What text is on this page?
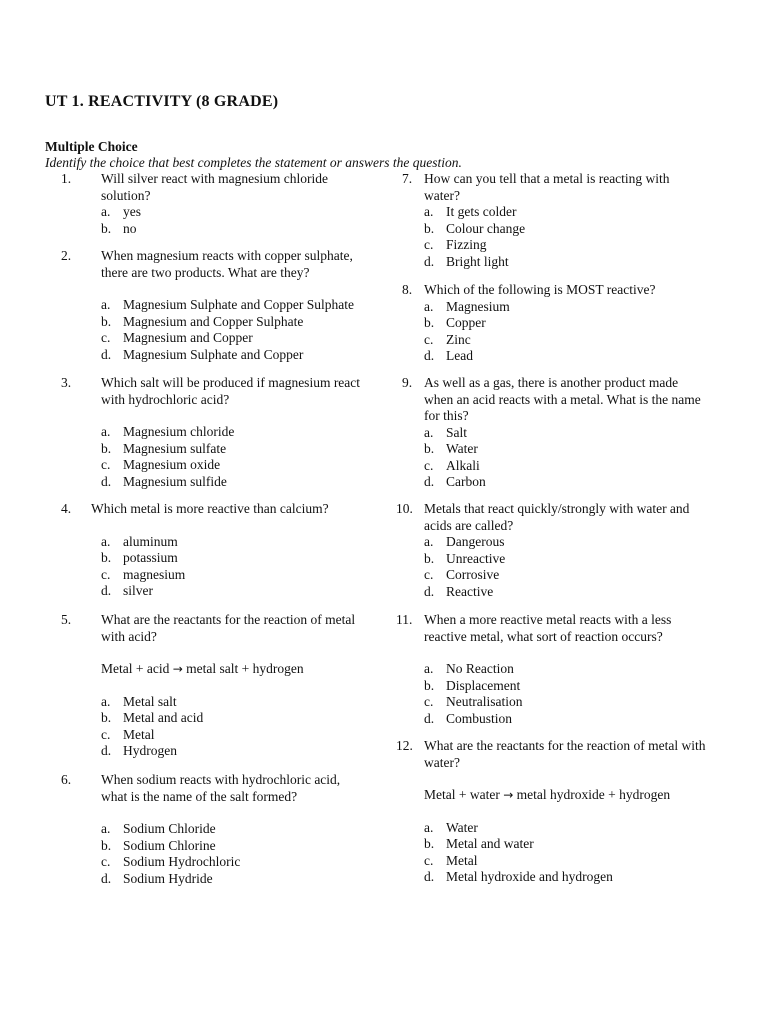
UT 1. REACTIVITY (8 GRADE)
Multiple Choice
Identify the choice that best completes the statement or answers the question.
1. Will silver react with magnesium chloride solution?
a. yes
b. no
2. When magnesium reacts with copper sulphate, there are two products. What are they?
a. Magnesium Sulphate and Copper Sulphate
b. Magnesium and Copper Sulphate
c. Magnesium and Copper
d. Magnesium Sulphate and Copper
3. Which salt will be produced if magnesium react with hydrochloric acid?
a. Magnesium chloride
b. Magnesium sulfate
c. Magnesium oxide
d. Magnesium sulfide
4. Which metal is more reactive than calcium?
a. aluminum
b. potassium
c. magnesium
d. silver
5. What are the reactants for the reaction of metal with acid?
Metal + acid → metal salt + hydrogen
a. Metal salt
b. Metal and acid
c. Metal
d. Hydrogen
6. When sodium reacts with hydrochloric acid, what is the name of the salt formed?
a. Sodium Chloride
b. Sodium Chlorine
c. Sodium Hydrochloric
d. Sodium Hydride
7. How can you tell that a metal is reacting with water?
a. It gets colder
b. Colour change
c. Fizzing
d. Bright light
8. Which of the following is MOST reactive?
a. Magnesium
b. Copper
c. Zinc
d. Lead
9. As well as a gas, there is another product made when an acid reacts with a metal. What is the name for this?
a. Salt
b. Water
c. Alkali
d. Carbon
10. Metals that react quickly/strongly with water and acids are called?
a. Dangerous
b. Unreactive
c. Corrosive
d. Reactive
11. When a more reactive metal reacts with a less reactive metal, what sort of reaction occurs?
a. No Reaction
b. Displacement
c. Neutralisation
d. Combustion
12. What are the reactants for the reaction of metal with water?
Metal + water → metal hydroxide + hydrogen
a. Water
b. Metal and water
c. Metal
d. Metal hydroxide and hydrogen
